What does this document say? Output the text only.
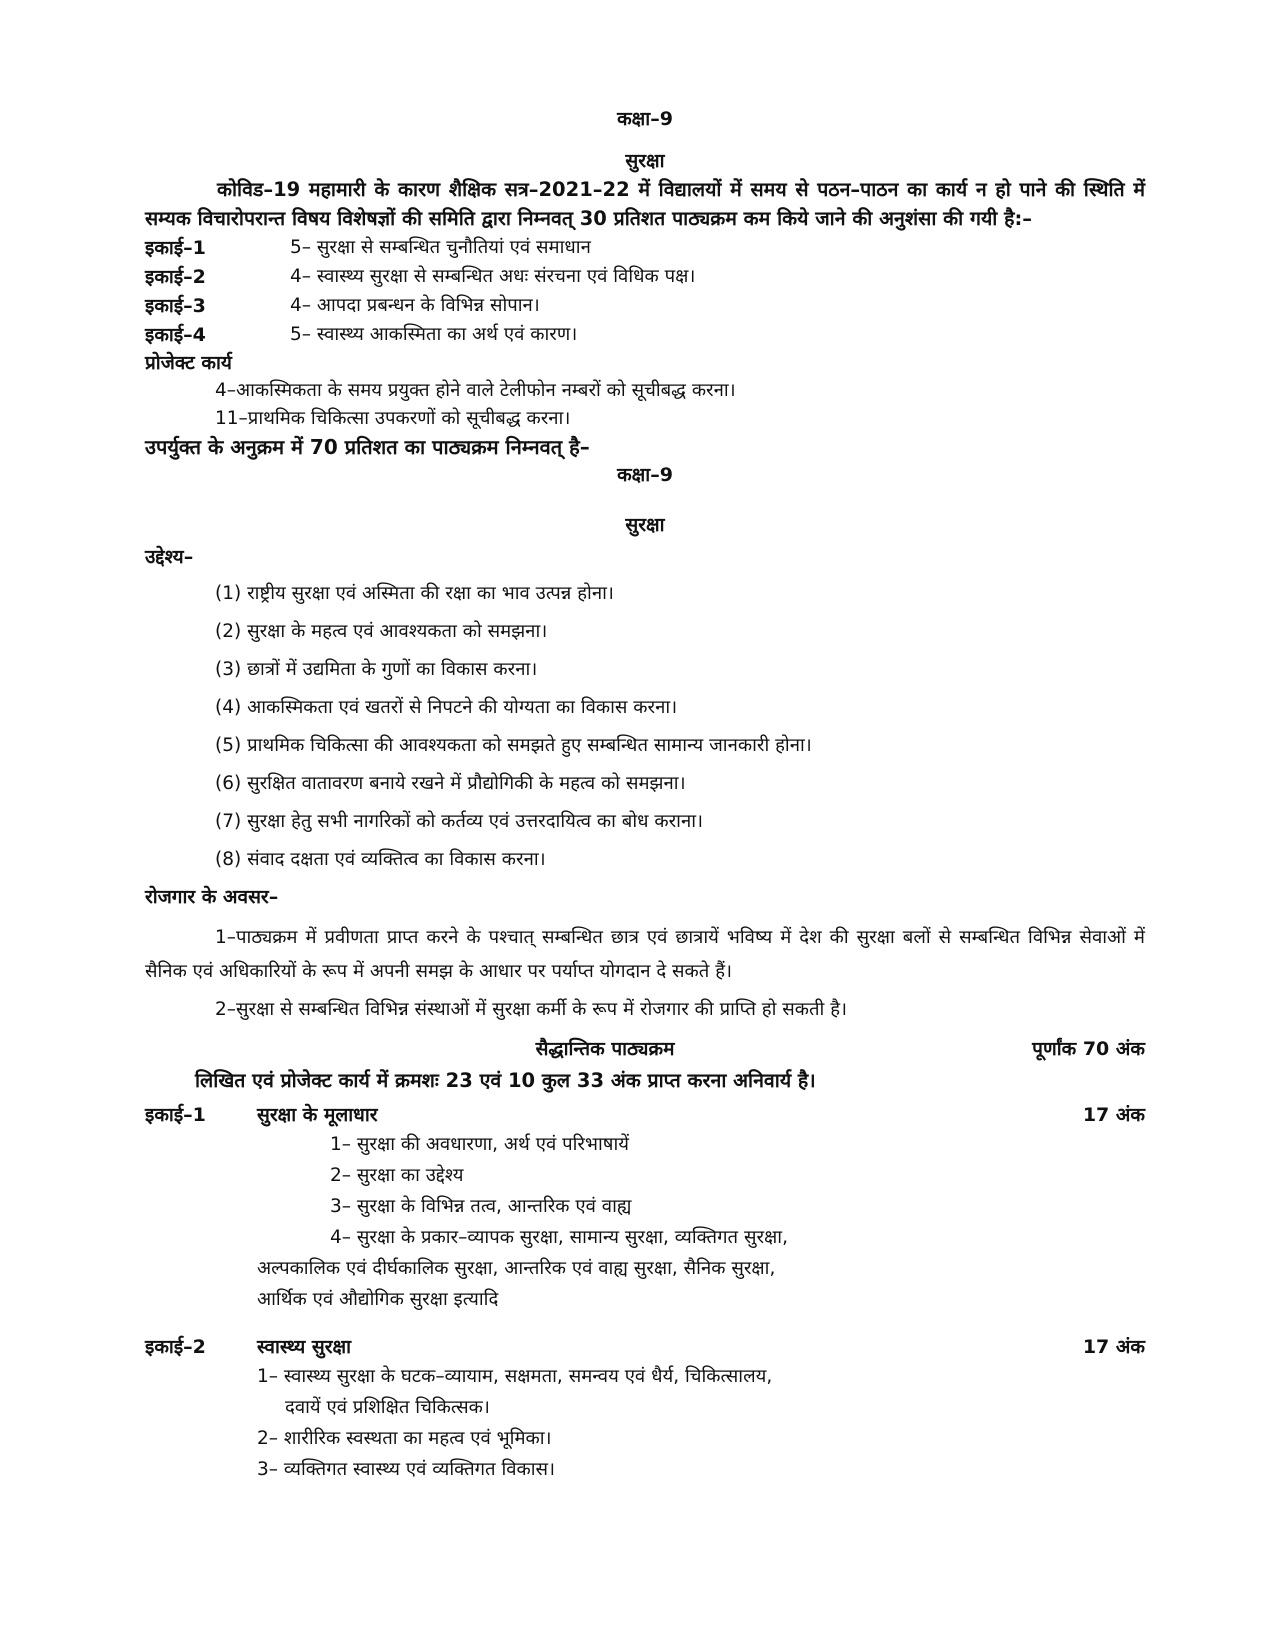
कक्षा–9

सुरक्षा

कोविड–19 महामारी के कारण शैक्षिक सत्र–2021–22 में विद्यालयों में समय से पठन–पाठन का कार्य न हो पाने की स्थिति में सम्यक विचारोपरान्त विषय विशेषज्ञों की समिति द्वारा निम्नवत् 30 प्रतिशत पाठ्यक्रम कम किये जाने की अनुशंसा की गयी है:–

इकाई–1	5– सुरक्षा से सम्बन्धित चुनौतियां एवं समाधान
इकाई–2	4– स्वास्थ्य सुरक्षा से सम्बन्धित अधः संरचना एवं विधिक पक्ष।
इकाई–3	4– आपदा प्रबन्धन के विभिन्न सोपान।
इकाई–4	5– स्वास्थ्य आकस्मिता का अर्थ एवं कारण।

प्रोजेक्ट कार्य

4–आकस्मिकता के समय प्रयुक्त होने वाले टेलीफोन नम्बरों को सूचीबद्ध करना।
11–प्राथमिक चिकित्सा उपकरणों को सूचीबद्ध करना।

उपर्युक्त के अनुक्रम में 70 प्रतिशत का पाठ्यक्रम निम्नवत् है–

कक्षा–9

सुरक्षा

उद्देश्य–

(1) राष्ट्रीय सुरक्षा एवं अस्मिता की रक्षा का भाव उत्पन्न होना।
(2) सुरक्षा के महत्व एवं आवश्यकता को समझना।
(3) छात्रों में उद्यमिता के गुणों का विकास करना।
(4) आकस्मिकता एवं खतरों से निपटने की योग्यता का विकास करना।
(5) प्राथमिक चिकित्सा की आवश्यकता को समझते हुए सम्बन्धित सामान्य जानकारी होना।
(6) सुरक्षित वातावरण बनाये रखने में प्रौद्योगिकी के महत्व को समझना।
(7) सुरक्षा हेतु सभी नागरिकों को कर्तव्य एवं उत्तरदायित्व का बोध कराना।
(8) संवाद दक्षता एवं व्यक्तित्व का विकास करना।

रोजगार के अवसर–

1–पाठ्यक्रम में प्रवीणता प्राप्त करने के पश्चात् सम्बन्धित छात्र एवं छात्रायें भविष्य में देश की सुरक्षा बलों से सम्बन्धित विभिन्न सेवाओं में सैनिक एवं अधिकारियों के रूप में अपनी समझ के आधार पर पर्याप्त योगदान दे सकते हैं।

2–सुरक्षा से सम्बन्धित विभिन्न संस्थाओं में सुरक्षा कर्मी के रूप में रोजगार की प्राप्ति हो सकती है।

सैद्धान्तिक पाठ्यक्रम	पूर्णांक 70 अंक

लिखित एवं प्रोजेक्ट कार्य में क्रमशः 23 एवं 10 कुल 33 अंक प्राप्त करना अनिवार्य है।

इकाई–1	सुरक्षा के मूलाधार	17 अंक
1– सुरक्षा की अवधारणा, अर्थ एवं परिभाषायें
2– सुरक्षा का उद्देश्य
3– सुरक्षा के विभिन्न तत्व, आन्तरिक एवं वाह्य
4– सुरक्षा के प्रकार–व्यापक सुरक्षा, सामान्य सुरक्षा, व्यक्तिगत सुरक्षा,
अल्पकालिक एवं दीर्घकालिक सुरक्षा, आन्तरिक एवं वाह्य सुरक्षा, सैनिक सुरक्षा,
आर्थिक एवं औद्योगिक सुरक्षा इत्यादि
इकाई–2	स्वास्थ्य सुरक्षा	17 अंक
1– स्वास्थ्य सुरक्षा के घटक–व्यायाम, सक्षमता, समन्वय एवं धैर्य, चिकित्सालय,
दवायें एवं प्रशिक्षित चिकित्सक।
2– शारीरिक स्वस्थता का महत्व एवं भूमिका।
3– व्यक्तिगत स्वास्थ्य एवं व्यक्तिगत विकास।
